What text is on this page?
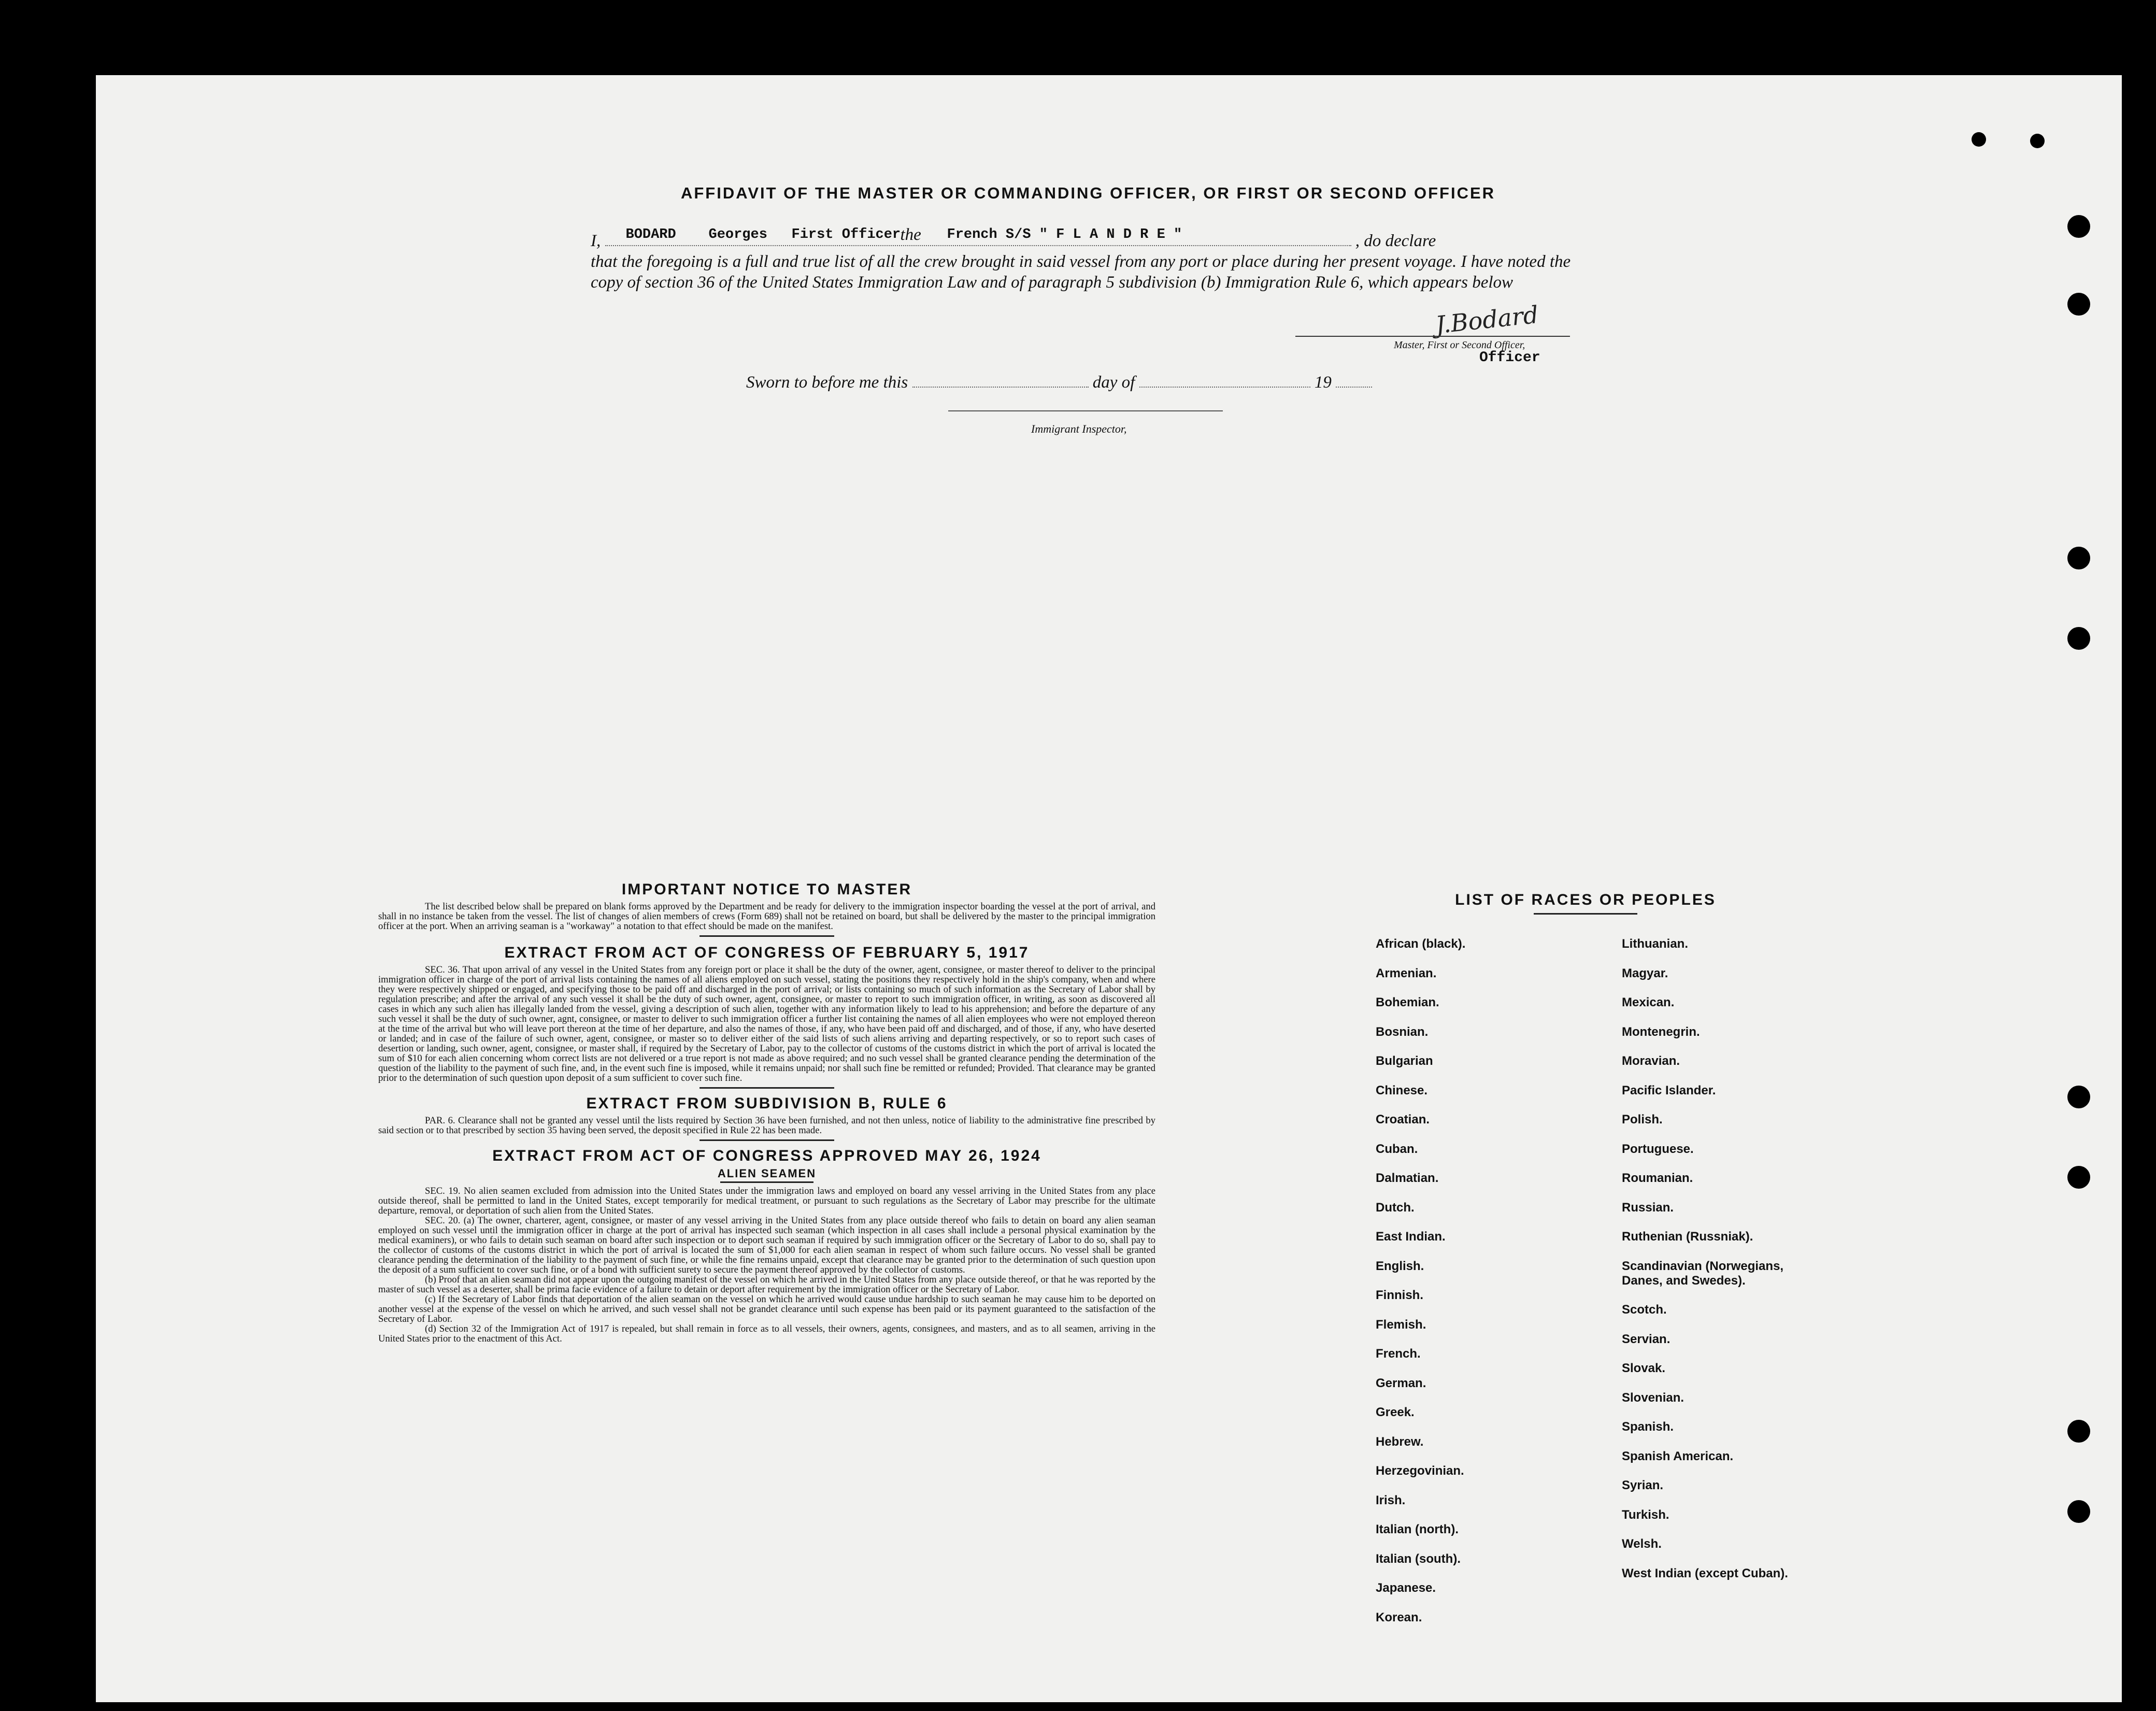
AFFIDAVIT OF THE MASTER OR COMMANDING OFFICER, OR FIRST OR SECOND OFFICER
I, BODARD Georges First Officer the French S/S " F L A N D R E "	, do declare
that the foregoing is a full and true list of all the crew brought in said vessel from any port or place during her present voyage. I have noted the copy of section 36 of the United States Immigration Law and of paragraph 5 subdivision (b) Immigration Rule 6, which appears below
J.Bodard
Master, First or Second Officer,
Officer
Sworn to before me this	day of	19
Immigrant Inspector,
IMPORTANT NOTICE TO MASTER

The list described below shall be prepared on blank forms approved by the Department and be ready for delivery to the immigration inspector boarding the vessel at the port of arrival, and shall in no instance be taken from the vessel. The list of changes of alien members of crews (Form 689) shall not be retained on board, but shall be delivered by the master to the principal immigration officer at the port. When an arriving seaman is a "workaway" a notation to that effect should be made on the manifest.

EXTRACT FROM ACT OF CONGRESS OF FEBRUARY 5, 1917

SEC. 36. That upon arrival of any vessel in the United States from any foreign port or place it shall be the duty of the owner, agent, consignee, or master thereof to deliver to the principal immigration officer in charge of the port of arrival lists containing the names of all aliens employed on such vessel, stating the positions they respectively hold in the ship's company, when and where they were respectively shipped or engaged, and specifying those to be paid off and discharged in the port of arrival; or lists containing so much of such information as the Secretary of Labor shall by regulation prescribe; and after the arrival of any such vessel it shall be the duty of such owner, agent, consignee, or master to report to such immigration officer, in writing, as soon as discovered all cases in which any such alien has illegally landed from the vessel, giving a description of such alien, together with any information likely to lead to his apprehension; and before the departure of any such vessel it shall be the duty of such owner, agnt, consignee, or master to deliver to such immigration officer a further list containing the names of all alien employees who were not employed thereon at the time of the arrival but who will leave port thereon at the time of her departure, and also the names of those, if any, who have been paid off and discharged, and of those, if any, who have deserted or landed; and in case of the failure of such owner, agent, consignee, or master so to deliver either of the said lists of such aliens arriving and departing respectively, or so to report such cases of desertion or landing, such owner, agent, consignee, or master shall, if required by the Secretary of Labor, pay to the collector of customs of the customs district in which the port of arrival is located the sum of $10 for each alien concerning whom correct lists are not delivered or a true report is not made as above required; and no such vessel shall be granted clearance pending the determination of the question of the liability to the payment of such fine, and, in the event such fine is imposed, while it remains unpaid; nor shall such fine be remitted or refunded; Provided. That clearance may be granted prior to the determination of such question upon deposit of a sum sufficient to cover such fine.

EXTRACT FROM SUBDIVISION B, RULE 6

PAR. 6. Clearance shall not be granted any vessel until the lists required by Section 36 have been furnished, and not then unless, notice of liability to the administrative fine prescribed by said section or to that prescribed by section 35 having been served, the deposit specified in Rule 22 has been made.

EXTRACT FROM ACT OF CONGRESS APPROVED MAY 26, 1924
ALIEN SEAMEN

SEC. 19. No alien seamen excluded from admission into the United States under the immigration laws and employed on board any vessel arriving in the United States from any place outside thereof, shall be permitted to land in the United States, except temporarily for medical treatment, or pursuant to such regulations as the Secretary of Labor may prescribe for the ultimate departure, removal, or deportation of such alien from the United States.

SEC. 20. (a) The owner, charterer, agent, consignee, or master of any vessel arriving in the United States from any place outside thereof who fails to detain on board any alien seaman employed on such vessel until the immigration officer in charge at the port of arrival has inspected such seaman (which inspection in all cases shall include a personal physical examination by the medical examiners), or who fails to detain such seaman on board after such inspection or to deport such seaman if required by such immigration officer or the Secretary of Labor to do so, shall pay to the collector of customs of the customs district in which the port of arrival is located the sum of $1,000 for each alien seaman in respect of whom such failure occurs. No vessel shall be granted clearance pending the determination of the liability to the payment of such fine, or while the fine remains unpaid, except that clearance may be granted prior to the determination of such question upon the deposit of a sum sufficient to cover such fine, or of a bond with sufficient surety to secure the payment thereof approved by the collector of customs.

(b) Proof that an alien seaman did not appear upon the outgoing manifest of the vessel on which he arrived in the United States from any place outside thereof, or that he was reported by the master of such vessel as a deserter, shall be prima facie evidence of a failure to detain or deport after requirement by the immigration officer or the Secretary of Labor.

(c) If the Secretary of Labor finds that deportation of the alien seaman on the vessel on which he arrived would cause undue hardship to such seaman he may cause him to be deported on another vessel at the expense of the vessel on which he arrived, and such vessel shall not be grandet clearance until such expense has been paid or its payment guaranteed to the satisfaction of the Secretary of Labor.

(d) Section 32 of the Immigration Act of 1917 is repealed, but shall remain in force as to all vessels, their owners, agents, consignees, and masters, and as to all seamen, arriving in the United States prior to the enactment of this Act.

LIST OF RACES OR PEOPLES
African (black).
Armenian.
Bohemian.
Bosnian.
Bulgarian
Chinese.
Croatian.
Cuban.
Dalmatian.
Dutch.
East Indian.
English.
Finnish.
Flemish.
French.
German.
Greek.
Hebrew.
Herzegovinian.
Irish.
Italian (north).
Italian (south).
Japanese.
Korean.
Lithuanian.
Magyar.
Mexican.
Montenegrin.
Moravian.
Pacific Islander.
Polish.
Portuguese.
Roumanian.
Russian.
Ruthenian (Russniak).
Scandinavian (Norwegians, Danes, and Swedes).
Scotch.
Servian.
Slovak.
Slovenian.
Spanish.
Spanish American.
Syrian.
Turkish.
Welsh.
West Indian (except Cuban).
